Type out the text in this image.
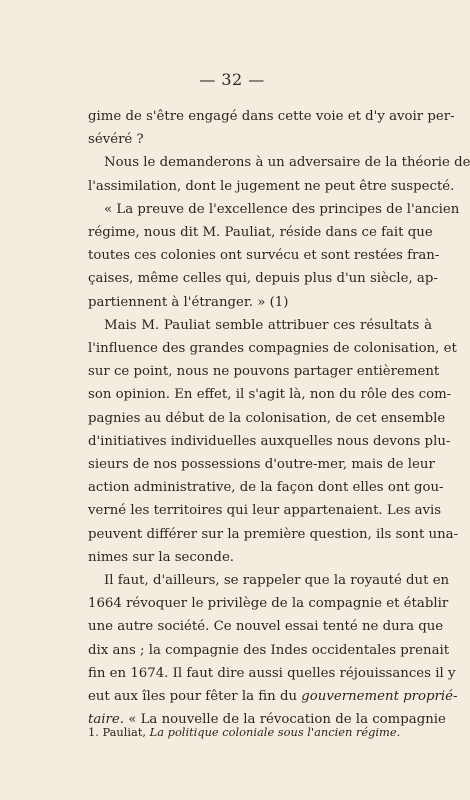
— 32 —
gime de s'être engagé dans cette voie et d'y avoir per-
sévéré ?
Nous le demanderons à un adversaire de la théorie de
l'assimilation, dont le jugement ne peut être suspecté.
« La preuve de l'excellence des principes de l'ancien
régime, nous dit M. Pauliat, réside dans ce fait que
toutes ces colonies ont survécu et sont restées fran-
çaises, même celles qui, depuis plus d'un siècle, ap-
partiennent à l'étranger. » (1)
Mais M. Pauliat semble attribuer ces résultats à
l'influence des grandes compagnies de colonisation, et
sur ce point, nous ne pouvons partager entièrement
son opinion. En effet, il s'agit là, non du rôle des com-
pagnies au début de la colonisation, de cet ensemble
d'initiatives individuelles auxquelles nous devons plu-
sieurs de nos possessions d'outre-mer, mais de leur
action administrative, de la façon dont elles ont gou-
verné les territoires qui leur appartenaient. Les avis
peuvent différer sur la première question, ils sont una-
nimes sur la seconde.
Il faut, d'ailleurs, se rappeler que la royauté dut en
1664 révoquer le privilège de la compagnie et établir
une autre société. Ce nouvel essai tenté ne dura que
dix ans ; la compagnie des Indes occidentales prenait
fin en 1674. Il faut dire aussi quelles réjouissances il y
eut aux îles pour fêter la fin du gouvernement proprié-
taire. « La nouvelle de la révocation de la compagnie
1. Pauliat, La politique coloniale sous l'ancien régime.
